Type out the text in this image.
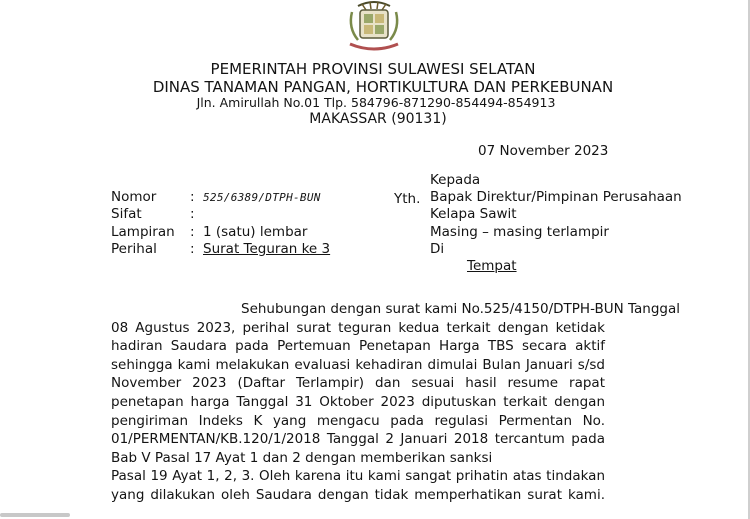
PEMERINTAH PROVINSI SULAWESI SELATAN
DINAS TANAMAN PANGAN, HORTIKULTURA DAN PERKEBUNAN
Jln. Amirullah No.01 Tlp. 584796-871290-854494-854913
MAKASSAR (90131)
07 November 2023
Nomor : 525/6389/DTPH-BUN
Sifat	:
Lampiran : 1 (satu) lembar
Perihal : Surat Teguran ke 3
Yth.
Kepada
Bapak Direktur/Pimpinan Perusahaan
Kelapa Sawit
Masing – masing terlampir
Di
Tempat
Sehubungan dengan surat kami No.525/4150/DTPH-BUN Tanggal
08 Agustus 2023, perihal surat teguran kedua terkait dengan ketidak
hadiran Saudara pada Pertemuan Penetapan Harga TBS secara aktif
sehingga kami melakukan evaluasi kehadiran dimulai Bulan Januari s/sd
November 2023 (Daftar Terlampir) dan sesuai hasil resume rapat
penetapan harga Tanggal 31 Oktober 2023 diputuskan terkait dengan
pengiriman Indeks K yang mengacu pada regulasi Permentan No.
01/PERMENTAN/KB.120/1/2018 Tanggal 2 Januari 2018 tercantum pada
Bab V Pasal 17 Ayat 1 dan 2 dengan memberikan sanksi
Pasal 19 Ayat 1, 2, 3. Oleh karena itu kami sangat prihatin atas tindakan
yang dilakukan oleh Saudara dengan tidak memperhatikan surat kami.
